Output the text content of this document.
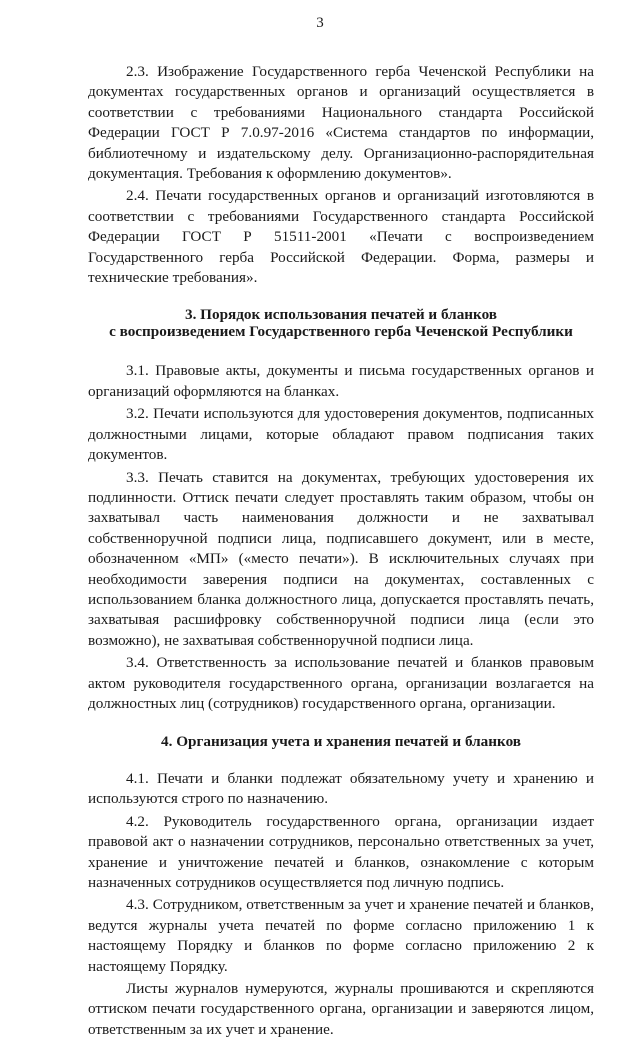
3

2.3. Изображение Государственного герба Чеченской Республики на документах государственных органов и организаций осуществляется в соответствии с требованиями Национального стандарта Российской Федерации ГОСТ Р 7.0.97-2016 «Система стандартов по информации, библиотечному и издательскому делу. Организационно-распорядительная документация. Требования к оформлению документов».

2.4. Печати государственных органов и организаций изготовляются в соответствии с требованиями Государственного стандарта Российской Федерации ГОСТ Р 51511-2001 «Печати с воспроизведением Государственного герба Российской Федерации. Форма, размеры и технические требования».

3. Порядок использования печатей и бланков
с воспроизведением Государственного герба Чеченской Республики

3.1. Правовые акты, документы и письма государственных органов и организаций оформляются на бланках.

3.2. Печати используются для удостоверения документов, подписанных должностными лицами, которые обладают правом подписания таких документов.

3.3. Печать ставится на документах, требующих удостоверения их подлинности. Оттиск печати следует проставлять таким образом, чтобы он захватывал часть наименования должности и не захватывал собственноручной подписи лица, подписавшего документ, или в месте, обозначенном «МП» («место печати»). В исключительных случаях при необходимости заверения подписи на документах, составленных с использованием бланка должностного лица, допускается проставлять печать, захватывая расшифровку собственноручной подписи лица (если это возможно), не захватывая собственноручной подписи лица.

3.4. Ответственность за использование печатей и бланков правовым актом руководителя государственного органа, организации возлагается на должностных лиц (сотрудников) государственного органа, организации.

4. Организация учета и хранения печатей и бланков

4.1. Печати и бланки подлежат обязательному учету и хранению и используются строго по назначению.

4.2. Руководитель государственного органа, организации издает правовой акт о назначении сотрудников, персонально ответственных за учет, хранение и уничтожение печатей и бланков, ознакомление с которым назначенных сотрудников осуществляется под личную подпись.

4.3. Сотрудником, ответственным за учет и хранение печатей и бланков, ведутся журналы учета печатей по форме согласно приложению 1 к настоящему Порядку и бланков по форме согласно приложению 2 к настоящему Порядку.

Листы журналов нумеруются, журналы прошиваются и скрепляются оттиском печати государственного органа, организации и заверяются лицом, ответственным за их учет и хранение.
